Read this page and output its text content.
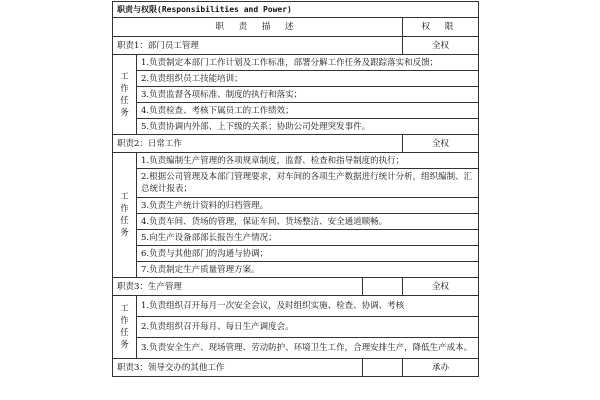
职责与权限(Responsibilities and Power)			
职 责 描 述			权 限
职责1：部门员工管理			全权

工
作
任
务	1.负责制定本部门工作计划及工作标准，部署分解工作任务及跟踪落实和反馈；		
	2.负责组织员工技能培训；		
	3.负责监督各项标准、制度的执行和落实；		
	4.负责检查、考核下属员工的工作绩效；		
	5.负责协调内外部、上下级的关系；协助公司处理突发事件。		
职责2：日常工作			全权

工
作
任
务	1.负责编制生产管理的各项规章制度，监督、检查和指导制度的执行；		
	2.根据公司管理及本部门管理要求，对车间的各项生产数据进行统计分析，组织编制、汇总统计报表；		
	3.负责生产统计资料的归档管理。		
	4.负责车间、货场的管理，保证车间、货场整洁、安全通道顺畅。		
	5.向生产设备部部长报告生产情况；		
	6.负责与其他部门的沟通与协调；		
	7.负责制定生产质量管理方案。		
职责3：生产管理			全权

工
作
任
务	1.负责组织召开每月一次安全会议，及时组织实施、检查、协调、考核		
	2.负责组织召开每月、每日生产调度会。		
	3.负责安全生产、现场管理、劳动防护、环境卫生工作，合理安排生产，降低生产成本。		
职责3：领导交办的其他工作			承办
